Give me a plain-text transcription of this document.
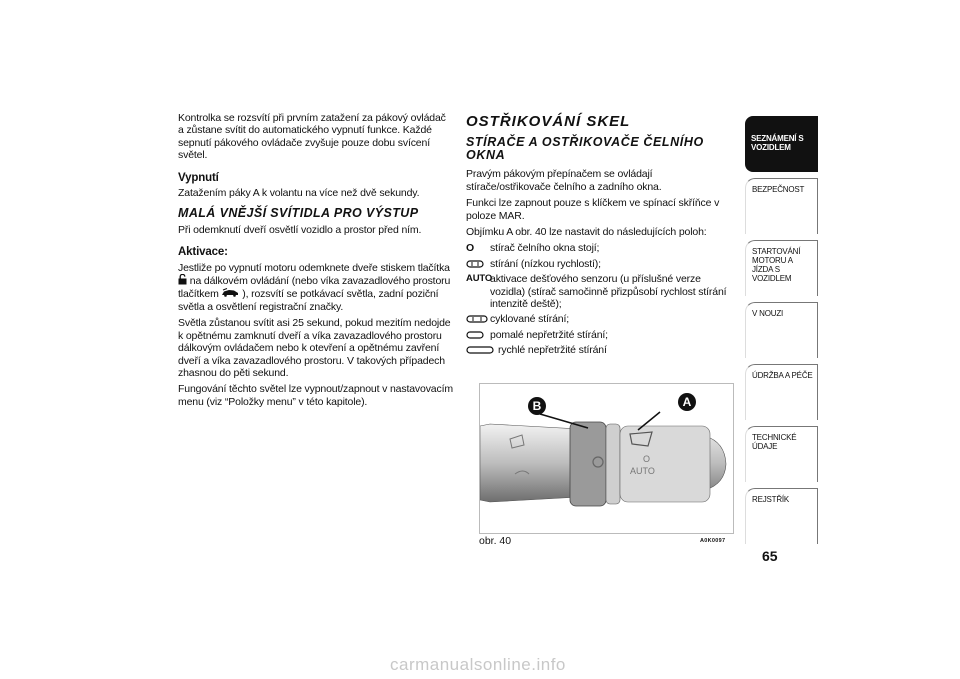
Kontrolka se rozsvítí při prvním zatažení za pákový ovládač a zůstane svítit do automatického vypnutí funkce. Každé sepnutí pákového ovládače zvyšuje pouze dobu svícení světel.

Vypnutí

Zatažením páky A k volantu na více než dvě sekundy.

MALÁ VNĚJŠÍ SVÍTIDLA PRO VÝSTUP

Při odemknutí dveří osvětlí vozidlo a prostor před ním.

Aktivace:

Jestliže po vypnutí motoru odemknete dveře stiskem tlačítka  na dálkovém ovládání (nebo víka zavazadlového prostoru tlačítkem ), rozsvítí se potkávací světla, zadní poziční světla a osvětlení registrační značky.

Světla zůstanou svítit asi 25 sekund, pokud mezitím nedojde k opětnému zamknutí dveří a víka zavazadlového prostoru dálkovým ovládačem nebo k otevření a opětnému zavření dveří a víka zavazadlového prostoru. V takových případech zhasnou do pěti sekund.

Fungování těchto světel lze vypnout/zapnout v nastavovacím menu (viz “Položky menu” v této kapitole).

OSTŘIKOVÁNÍ SKEL
STÍRAČE A OSTŘIKOVAČE ČELNÍHO OKNA

Pravým pákovým přepínačem se ovládají stírače/ostřikovače čelního a zadního okna.

Funkci lze zapnout pouze s klíčkem ve spínací skříňce v poloze MAR.

Objímku A obr. 40 lze nastavit do následujících poloh:

O	stírač čelního okna stojí;
stírání (nízkou rychlostí);
AUTO
aktivace dešťového senzoru (u příslušné verze vozidla) (stírač samočinně přizpůsobí rychlost stírání intenzitě deště);
cyklované stírání;
pomalé nepřetržité stírání;
rychlé nepřetržité stírání
B	A
AUTO
O
obr. 40	A0K0097
SEZNÁMENÍ S VOZIDLEM
BEZPEČNOST
STARTOVÁNÍ MOTORU A JÍZDA S VOZIDLEM
V NOUZI
ÚDRŽBA A PÉČE
TECHNICKÉ ÚDAJE
REJSTŘÍK
65
carmanualsonline.info
